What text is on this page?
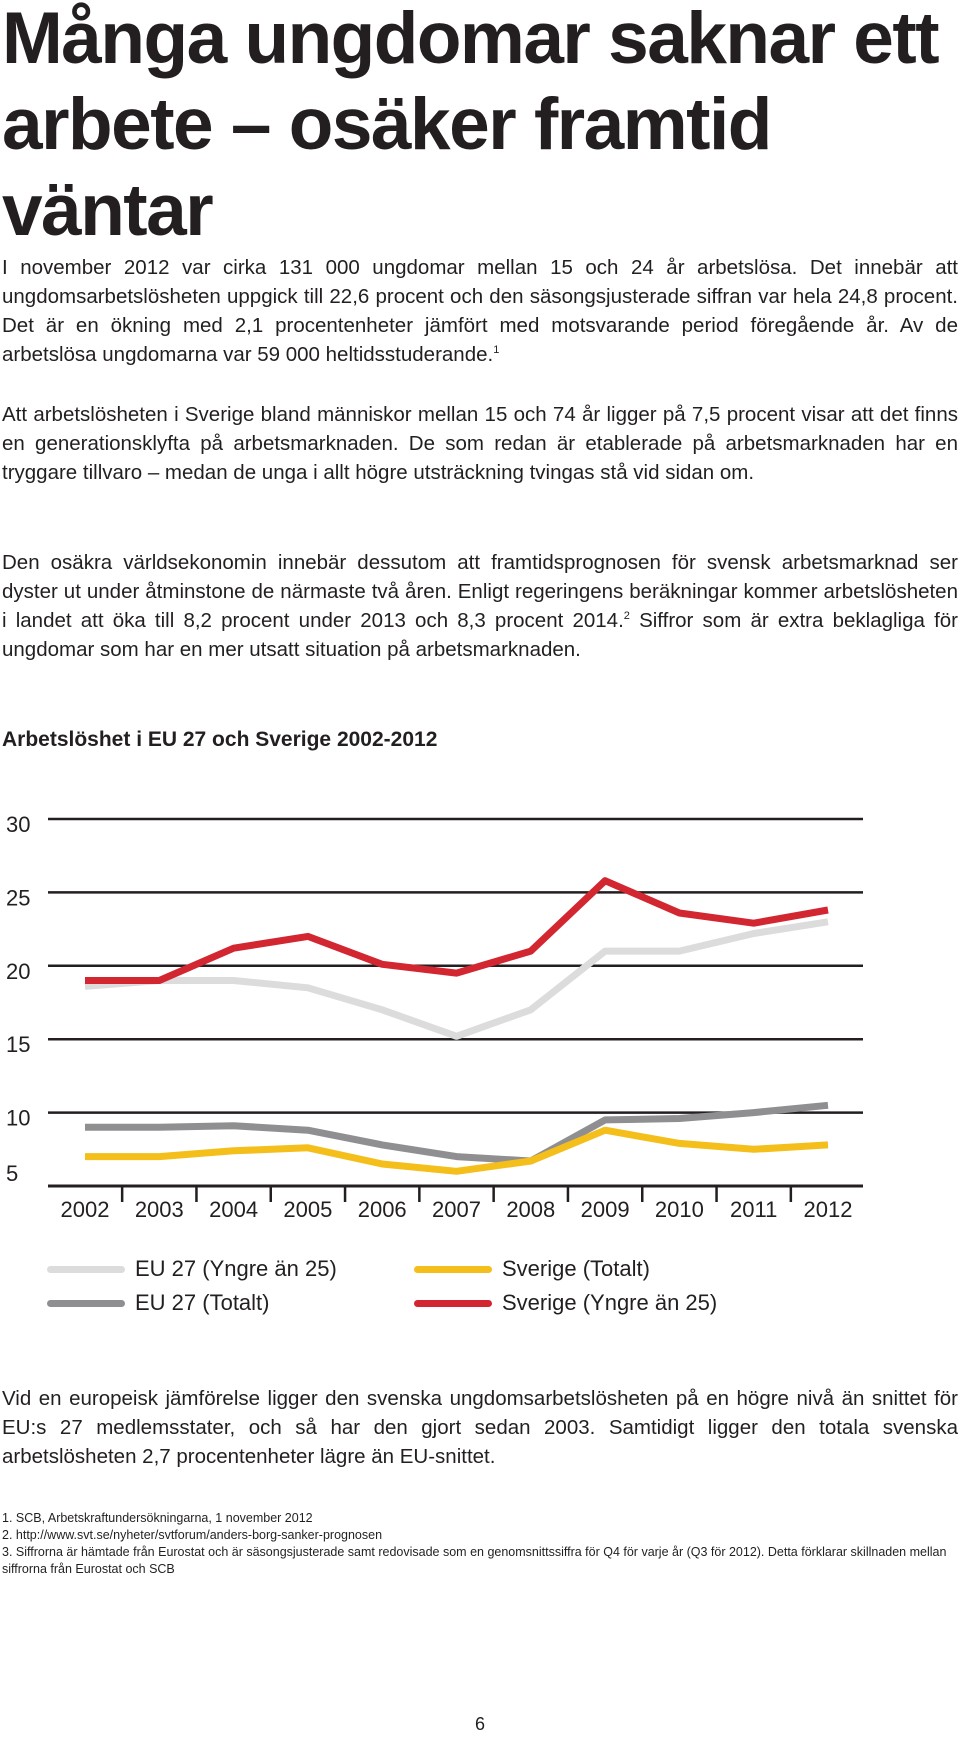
Många ungdomar saknar ett arbete – osäker framtid väntar

I november 2012 var cirka 131 000 ungdomar mellan 15 och 24 år arbetslösa. Det innebär att ungdomsarbetslösheten uppgick till 22,6 procent och den säsongsjusterade siffran var hela 24,8 procent. Det är en ökning med 2,1 procentenheter jämfört med motsvarande period föregående år. Av de arbetslösa ungdomarna var 59 000 heltidsstuderande.$^1$

Att arbetslösheten i Sverige bland människor mellan 15 och 74 år ligger på 7,5 procent visar att det finns en generationsklyfta på arbetsmarknaden. De som redan är etablerade på arbetsmarknaden har en tryggare tillvaro – medan de unga i allt högre utsträckning tvingas stå vid sidan om.

Den osäkra världsekonomin innebär dessutom att framtidsprognosen för svensk arbetsmarknad ser dyster ut under åtminstone de närmaste två åren. Enligt regeringens beräkningar kommer arbetslösheten i landet att öka till 8,2 procent under 2013 och 8,3 procent 2014.$^2$ Siffror som är extra beklagliga för ungdomar som har en mer utsatt situation på arbetsmarknaden.

Arbetslöshet i EU 27 och Sverige 2002-2012
30
25
20
15
10
5
2002 2003 2004 2005 2006 2007 2008 2009 2010 2011 2012
EU 27 (Yngre än 25)
EU 27 (Totalt)
Sverige (Totalt)
Sverige (Yngre än 25)

Vid en europeisk jämförelse ligger den svenska ungdomsarbetslösheten på en högre nivå än snittet för EU:s 27 medlemsstater, och så har den gjort sedan 2003. Samtidigt ligger den totala svenska arbetslösheten 2,7 procentenheter lägre än EU-snittet.

1. SCB, Arbetskraftundersökningarna, 1 november 2012
2. http://www.svt.se/nyheter/svtforum/anders-borg-sanker-prognosen
3. Siffrorna är hämtade från Eurostat och är säsongsjusterade samt redovisade som en genomsnittssiffra för Q4 för varje år (Q3 för 2012). Detta förklarar skillnaden mellan siffrorna från Eurostat och SCB
6
